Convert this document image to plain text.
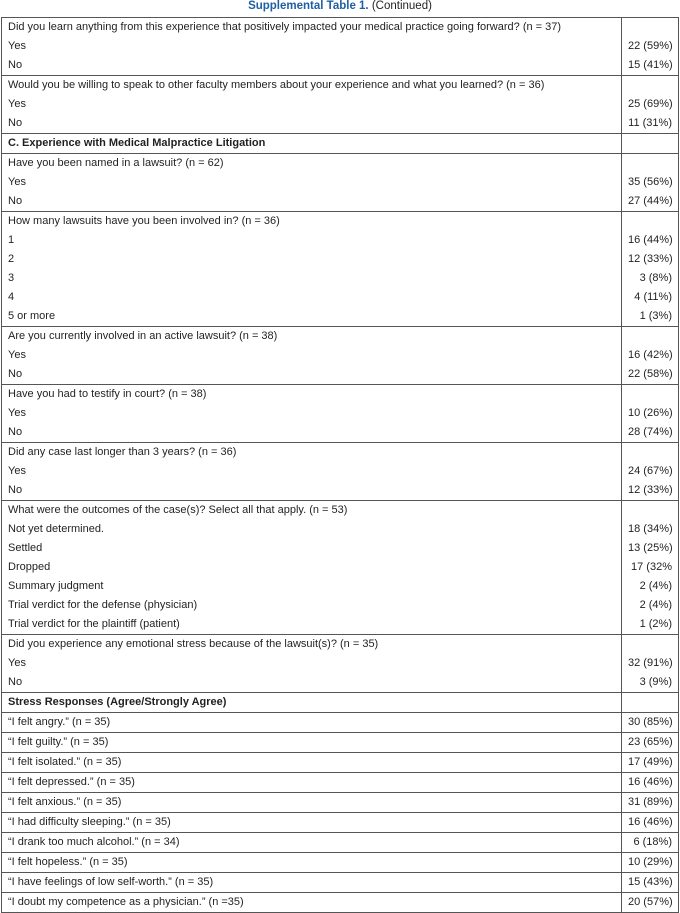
Supplemental Table 1. (Continued)
Did you learn anything from this experience that positively impacted your medical practice going forward? (n = 37)	
Yes	22 (59%)
No	15 (41%)
Would you be willing to speak to other faculty members about your experience and what you learned? (n = 36)	
Yes	25 (69%)
No	11 (31%)
C. Experience with Medical Malpractice Litigation	
Have you been named in a lawsuit? (n = 62)	
Yes	35 (56%)
No	27 (44%)
How many lawsuits have you been involved in? (n = 36)	
1	16 (44%)
2	12 (33%)
3	3 (8%)
4	4 (11%)
5 or more	1 (3%)
Are you currently involved in an active lawsuit? (n = 38)	
Yes	16 (42%)
No	22 (58%)
Have you had to testify in court? (n = 38)	
Yes	10 (26%)
No	28 (74%)
Did any case last longer than 3 years? (n = 36)	
Yes	24 (67%)
No	12 (33%)
What were the outcomes of the case(s)? Select all that apply. (n = 53)	
Not yet determined.	18 (34%)
Settled	13 (25%)
Dropped	17 (32%
Summary judgment	2 (4%)
Trial verdict for the defense (physician)	2 (4%)
Trial verdict for the plaintiff (patient)	1 (2%)
Did you experience any emotional stress because of the lawsuit(s)? (n = 35)	
Yes	32 (91%)
No	3 (9%)
Stress Responses (Agree/Strongly Agree)	
“I felt angry.” (n = 35)	30 (85%)
“I felt guilty.” (n = 35)	23 (65%)
“I felt isolated.” (n = 35)	17 (49%)
“I felt depressed.” (n = 35)	16 (46%)
“I felt anxious.” (n = 35)	31 (89%)
“I had difficulty sleeping.” (n = 35)	16 (46%)
“I drank too much alcohol.” (n = 34)	6 (18%)
“I felt hopeless.” (n = 35)	10 (29%)
“I have feelings of low self-worth.” (n = 35)	15 (43%)
“I doubt my competence as a physician.” (n =35)	20 (57%)
